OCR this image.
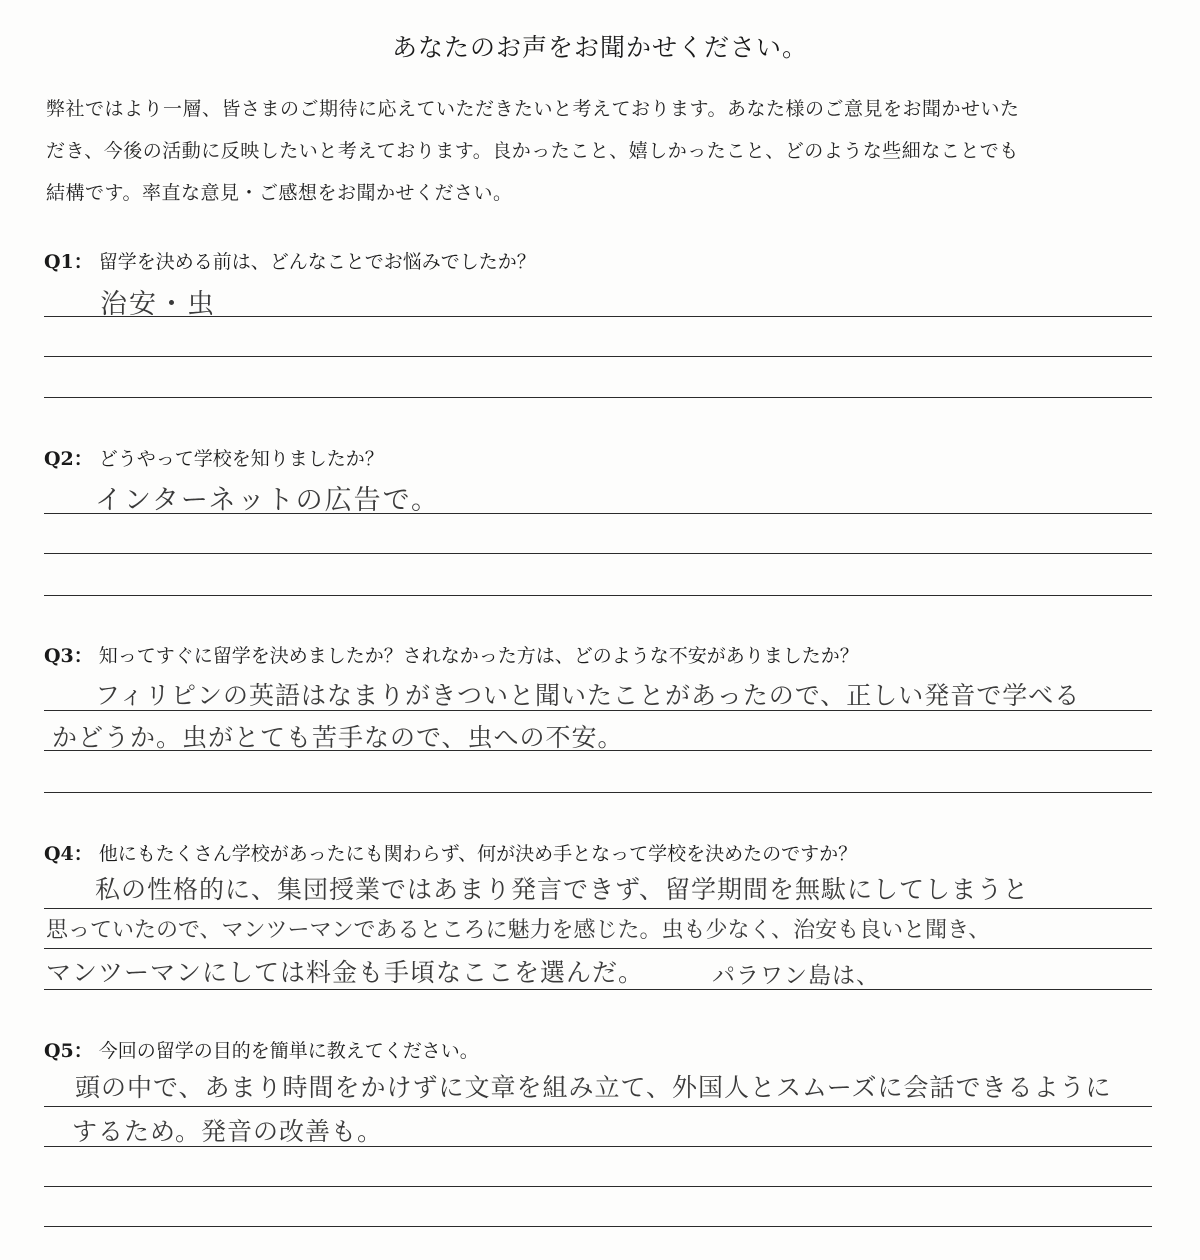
あなたのお声をお聞かせください。

弊社ではより一層、皆さまのご期待に応えていただきたいと考えております。あなた様のご意見をお聞かせいた

だき、今後の活動に反映したいと考えております。良かったこと、嬉しかったこと、どのような些細なことでも

結構です。率直な意見・ご感想をお聞かせください。

Q1： 留学を決める前は、どんなことでお悩みでしたか？
治安・虫
Q2： どうやって学校を知りましたか？
インターネットの広告で。
Q3： 知ってすぐに留学を決めましたか？されなかった方は、どのような不安がありましたか？
フィリピンの英語はなまりがきついと聞いたことがあったので、正しい発音で学べる
かどうか。虫がとても苦手なので、虫への不安。
Q4： 他にもたくさん学校があったにも関わらず、何が決め手となって学校を決めたのですか？
私の性格的に、集団授業ではあまり発言できず、留学期間を無駄にしてしまうと
思っていたので、マンツーマンであるところに魅力を感じた。虫も少なく、治安も良いと聞き、
マンツーマンにしては料金も手頃なここを選んだ。	パラワン島は、
Q5： 今回の留学の目的を簡単に教えてください。
頭の中で、あまり時間をかけずに文章を組み立て、外国人とスムーズに会話できるように
するため。発音の改善も。
